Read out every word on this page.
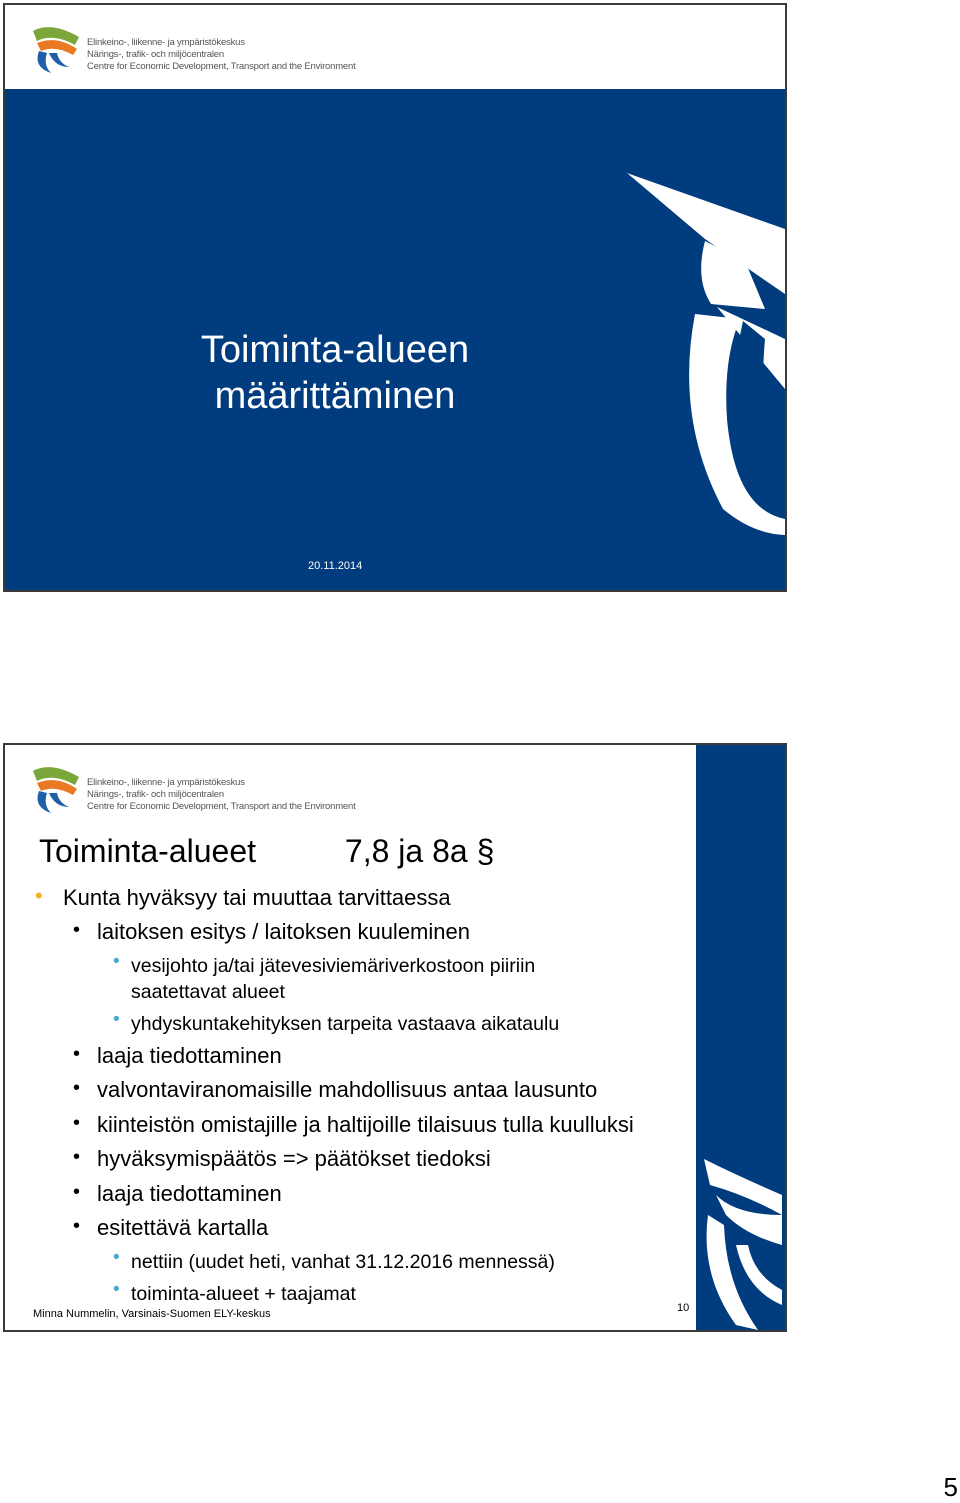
Elinkeino-, liikenne- ja ympäristökeskus
Närings-, trafik- och miljöcentralen
Centre for Economic Development, Transport and the Environment
Toiminta-alueen
määrittäminen
20.11.2014
Elinkeino-, liikenne- ja ympäristökeskus
Närings-, trafik- och miljöcentralen
Centre for Economic Development, Transport and the Environment
Toiminta-alueet          7,8 ja 8a §
• Kunta hyväksyy tai muuttaa tarvittaessa
• laitoksen esitys / laitoksen kuuleminen
• vesijohto ja/tai jätevesiviemäriverkostoon piiriin saatettavat alueet
• yhdyskuntakehityksen tarpeita vastaava aikataulu
• laaja tiedottaminen
• valvontaviranomaisille mahdollisuus antaa lausunto
• kiinteistön omistajille ja haltijoille tilaisuus tulla kuulluksi
• hyväksymispäätös => päätökset tiedoksi
• laaja tiedottaminen
• esitettävä kartalla
• nettiin (uudet heti, vanhat 31.12.2016 mennessä)
• toiminta-alueet + taajamat
Minna Nummelin, Varsinais-Suomen ELY-keskus	10
5
